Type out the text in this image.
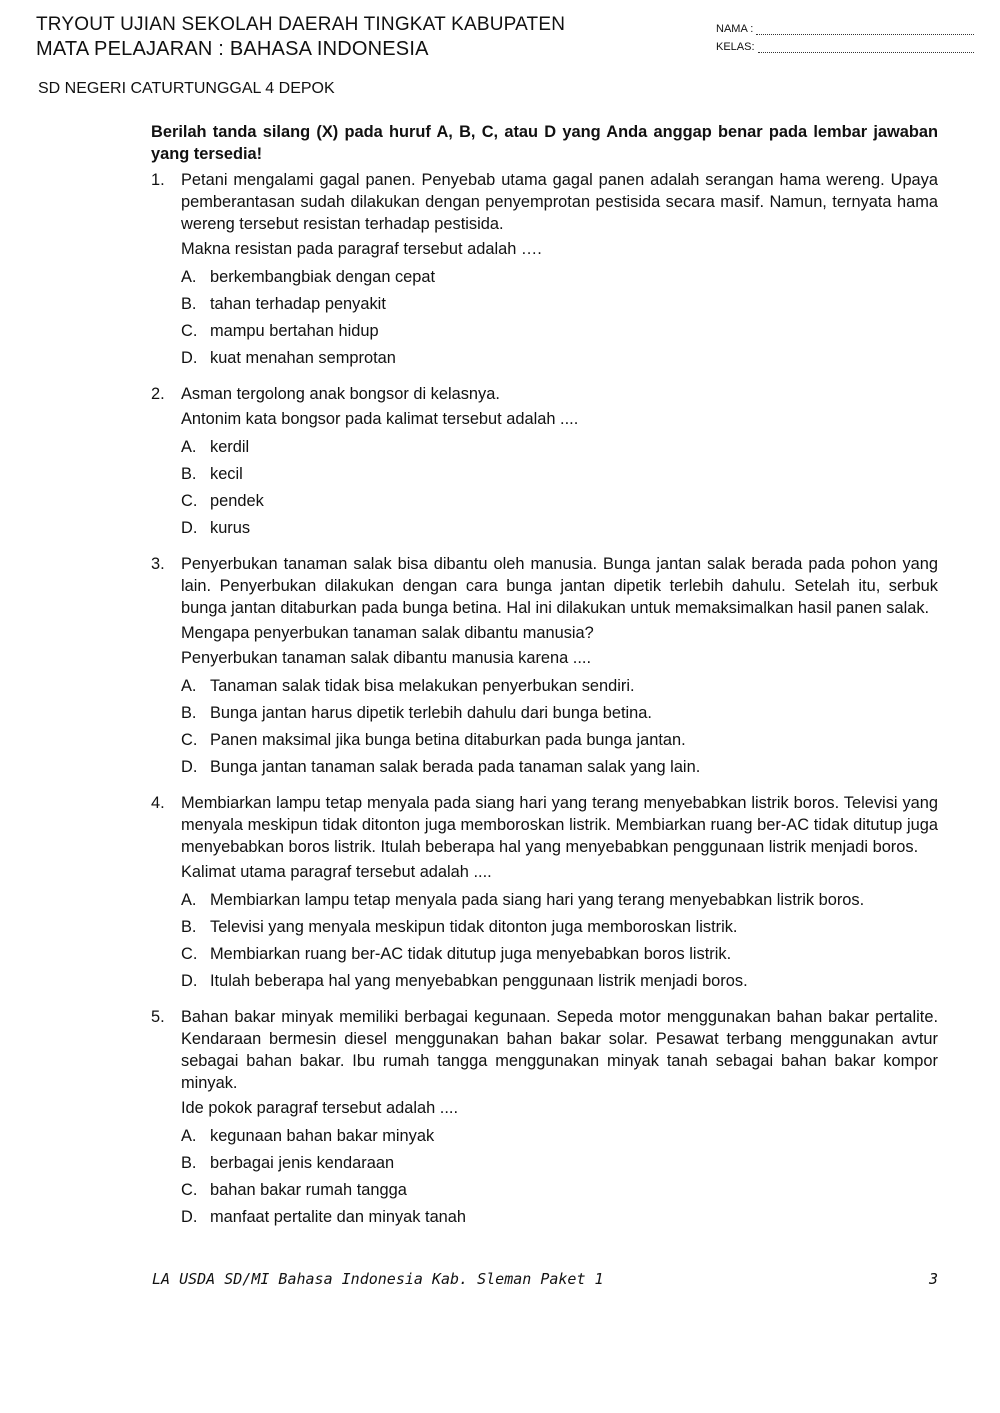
TRYOUT UJIAN SEKOLAH DAERAH TINGKAT KABUPATEN
MATA PELAJARAN : BAHASA INDONESIA
SD NEGERI CATURTUNGGAL 4 DEPOK
NAMA :
KELAS:
Berilah tanda silang (X) pada huruf A, B, C, atau D yang Anda anggap benar pada lembar jawaban yang tersedia!
1. Petani mengalami gagal panen. Penyebab utama gagal panen adalah serangan hama wereng. Upaya pemberantasan sudah dilakukan dengan penyemprotan pestisida secara masif. Namun, ternyata hama wereng tersebut resistan terhadap pestisida.
Makna resistan pada paragraf tersebut adalah ….
A. berkembangbiak dengan cepat
B. tahan terhadap penyakit
C. mampu bertahan hidup
D. kuat menahan semprotan
2. Asman tergolong anak bongsor di kelasnya.
Antonim kata bongsor pada kalimat tersebut adalah ....
A. kerdil
B. kecil
C. pendek
D. kurus
3. Penyerbukan tanaman salak bisa dibantu oleh manusia. Bunga jantan salak berada pada pohon yang lain. Penyerbukan dilakukan dengan cara bunga jantan dipetik terlebih dahulu. Setelah itu, serbuk bunga jantan ditaburkan pada bunga betina. Hal ini dilakukan untuk memaksimalkan hasil panen salak.
Mengapa penyerbukan tanaman salak dibantu manusia?
Penyerbukan tanaman salak dibantu manusia karena ....
A. Tanaman salak tidak bisa melakukan penyerbukan sendiri.
B. Bunga jantan harus dipetik terlebih dahulu dari bunga betina.
C. Panen maksimal jika bunga betina ditaburkan pada bunga jantan.
D. Bunga jantan tanaman salak berada pada tanaman salak yang lain.
4. Membiarkan lampu tetap menyala pada siang hari yang terang menyebabkan listrik boros. Televisi yang menyala meskipun tidak ditonton juga memboroskan listrik. Membiarkan ruang ber-AC tidak ditutup juga menyebabkan boros listrik. Itulah beberapa hal yang menyebabkan penggunaan listrik menjadi boros.
Kalimat utama paragraf tersebut adalah ....
A. Membiarkan lampu tetap menyala pada siang hari yang terang menyebabkan listrik boros.
B. Televisi yang menyala meskipun tidak ditonton juga memboroskan listrik.
C. Membiarkan ruang ber-AC tidak ditutup juga menyebabkan boros listrik.
D. Itulah beberapa hal yang menyebabkan penggunaan listrik menjadi boros.
5. Bahan bakar minyak memiliki berbagai kegunaan. Sepeda motor menggunakan bahan bakar pertalite. Kendaraan bermesin diesel menggunakan bahan bakar solar. Pesawat terbang menggunakan avtur sebagai bahan bakar. Ibu rumah tangga menggunakan minyak tanah sebagai bahan bakar kompor minyak.
Ide pokok paragraf tersebut adalah ....
A. kegunaan bahan bakar minyak
B. berbagai jenis kendaraan
C. bahan bakar rumah tangga
D. manfaat pertalite dan minyak tanah
LA USDA SD/MI Bahasa Indonesia Kab. Sleman Paket 1	3
